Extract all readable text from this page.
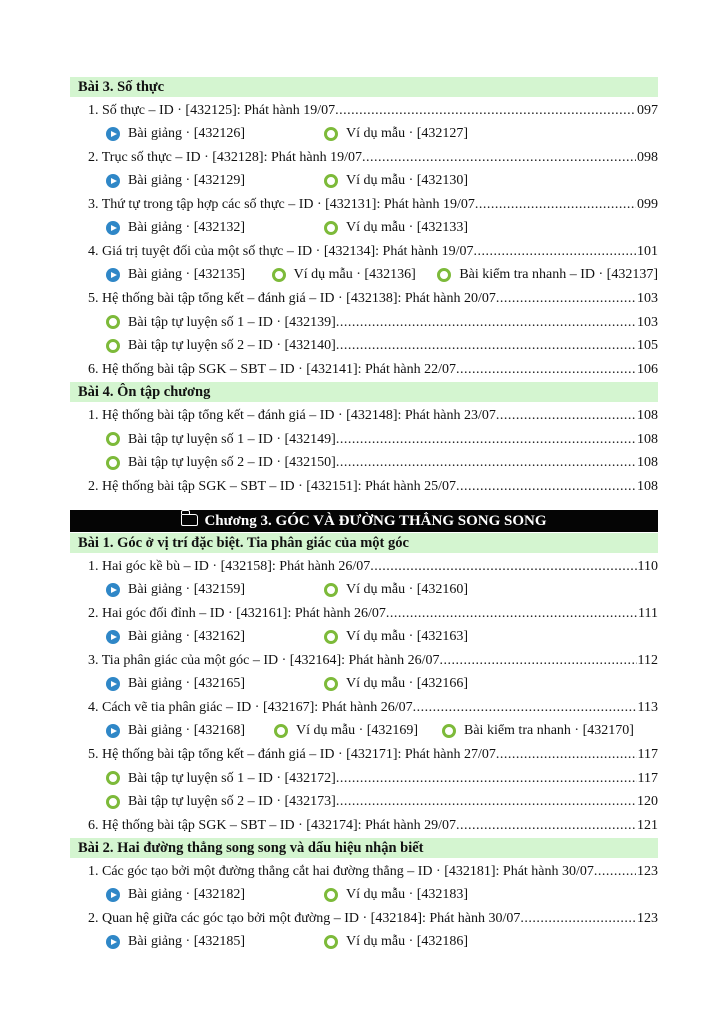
Bài 3. Số thực
1. Số thực – ID · [432125]: Phát hành 19/07 .....	097
Bài giảng · [432126]	Ví dụ mẫu · [432127]
2. Trục số thực – ID · [432128]: Phát hành 19/07 .....	098
Bài giảng · [432129]	Ví dụ mẫu · [432130]
3. Thứ tự trong tập hợp các số thực – ID · [432131]: Phát hành 19/07 .....	099
Bài giảng · [432132]	Ví dụ mẫu · [432133]
4. Giá trị tuyệt đối của một số thực – ID · [432134]: Phát hành 19/07 .....	101
Bài giảng · [432135]	Ví dụ mẫu · [432136]	Bài kiểm tra nhanh – ID · [432137]
5. Hệ thống bài tập tổng kết – đánh giá – ID · [432138]: Phát hành 20/07 .....	103
Bài tập tự luyện số 1 – ID · [432139] .....	103
Bài tập tự luyện số 2 – ID · [432140] .....	105
6. Hệ thống bài tập SGK – SBT – ID · [432141]: Phát hành 22/07 .....	106
Bài 4. Ôn tập chương
1. Hệ thống bài tập tổng kết – đánh giá – ID · [432148]: Phát hành 23/07 .....	108
Bài tập tự luyện số 1 – ID · [432149] .....	108
Bài tập tự luyện số 2 – ID · [432150] .....	108
2. Hệ thống bài tập SGK – SBT – ID · [432151]: Phát hành 25/07 .....	108
Chương 3. GÓC VÀ ĐƯỜNG THẲNG SONG SONG
Bài 1. Góc ở vị trí đặc biệt. Tia phân giác của một góc
1. Hai góc kề bù – ID · [432158]: Phát hành 26/07 .....	110
Bài giảng · [432159]	Ví dụ mẫu · [432160]
2. Hai góc đối đỉnh – ID · [432161]: Phát hành 26/07 .....	111
Bài giảng · [432162]	Ví dụ mẫu · [432163]
3. Tia phân giác của một góc – ID · [432164]: Phát hành 26/07 .....	112
Bài giảng · [432165]	Ví dụ mẫu · [432166]
4. Cách vẽ tia phân giác – ID · [432167]: Phát hành 26/07 .....	113
Bài giảng · [432168]	Ví dụ mẫu · [432169]	Bài kiểm tra nhanh · [432170]
5. Hệ thống bài tập tổng kết – đánh giá – ID · [432171]: Phát hành 27/07 .....	117
Bài tập tự luyện số 1 – ID · [432172] .....	117
Bài tập tự luyện số 2 – ID · [432173] .....	120
6. Hệ thống bài tập SGK – SBT – ID · [432174]: Phát hành 29/07 .....	121
Bài 2. Hai đường thẳng song song và dấu hiệu nhận biết
1. Các góc tạo bởi một đường thẳng cắt hai đường thẳng – ID · [432181]: Phát hành 30/07 .....	123
Bài giảng · [432182]	Ví dụ mẫu · [432183]
2. Quan hệ giữa các góc tạo bởi một đường – ID · [432184]: Phát hành 30/07 .....	123
Bài giảng · [432185]	Ví dụ mẫu · [432186]
